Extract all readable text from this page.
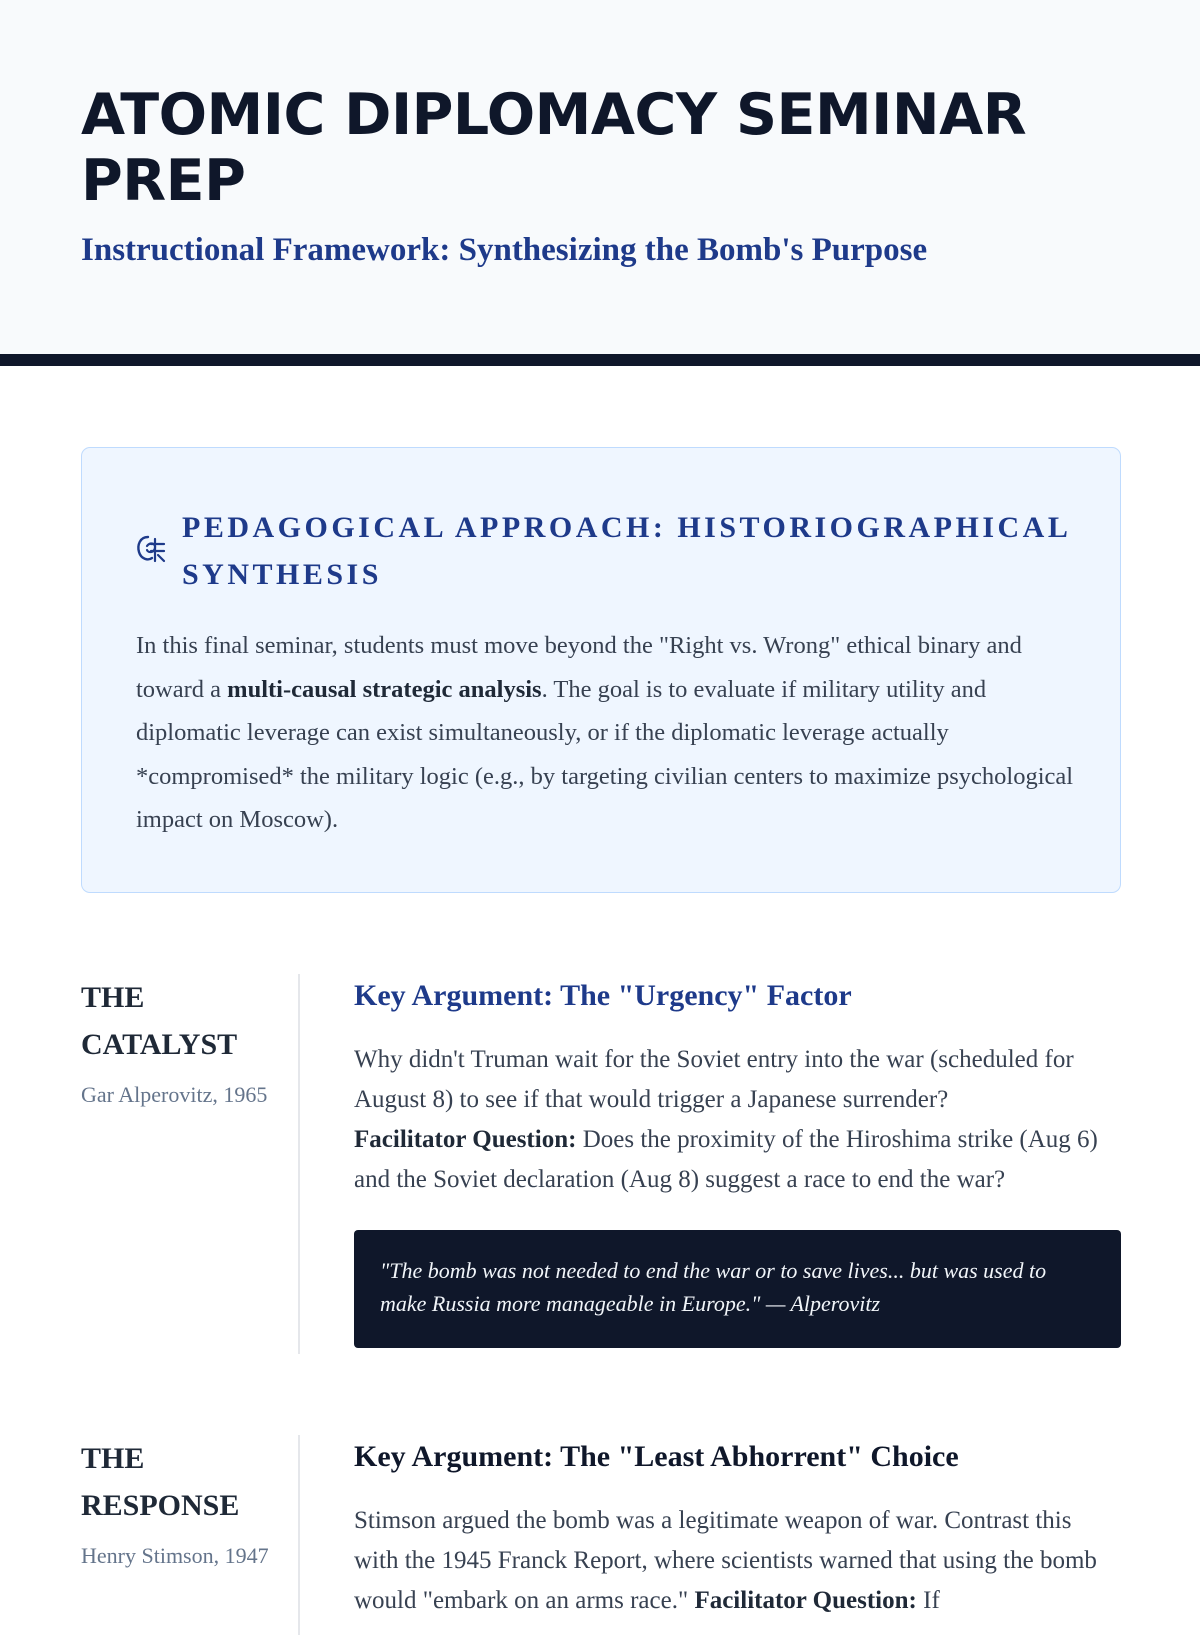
ATOMIC DIPLOMACY SEMINAR PREP
Instructional Framework: Synthesizing the Bomb's Purpose
PEDAGOGICAL APPROACH: HISTORIOGRAPHICAL SYNTHESIS

In this final seminar, students must move beyond the "Right vs. Wrong" ethical binary and toward a multi-causal strategic analysis. The goal is to evaluate if military utility and diplomatic leverage can exist simultaneously, or if the diplomatic leverage actually *compromised* the military logic (e.g., by targeting civilian centers to maximize psychological impact on Moscow).

THE CATALYST
Gar Alperovitz, 1965
Key Argument: The "Urgency" Factor

Why didn't Truman wait for the Soviet entry into the war (scheduled for August 8) to see if that would trigger a Japanese surrender?
Facilitator Question: Does the proximity of the Hiroshima strike (Aug 6) and the Soviet declaration (Aug 8) suggest a race to end the war?

"The bomb was not needed to end the war or to save lives... but was used to make Russia more manageable in Europe." — Alperovitz
THE RESPONSE
Henry Stimson, 1947
Key Argument: The "Least Abhorrent" Choice

Stimson argued the bomb was a legitimate weapon of war. Contrast this with the 1945 Franck Report, where scientists warned that using the bomb would "embark on an arms race." Facilitator Question: If
